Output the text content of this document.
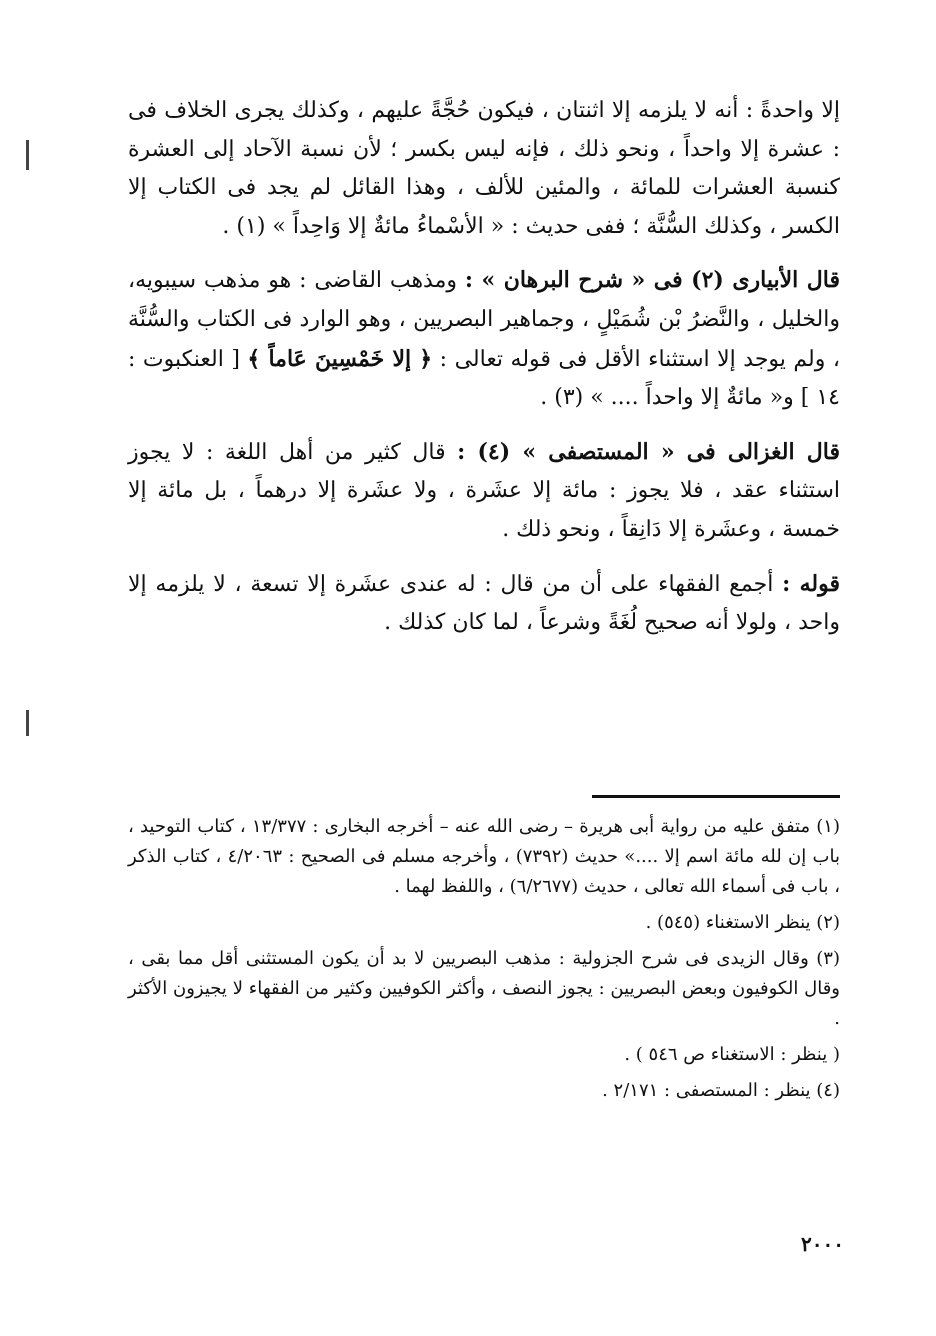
إلا واحدةً : أنه لا يلزمه إلا اثنتان ، فيكون حُجَّةً عليهم ، وكذلك يجرى الخلاف فى : عشرة إلا واحداً ، ونحو ذلك ، فإنه ليس بكسر ؛ لأن نسبة الآحاد إلى العشرة كنسبة العشرات للمائة ، والمئين للألف ، وهذا القائل لم يجد فى الكتاب إلا الكسر ، وكذلك السُّنَّة ؛ ففى حديث : « الأسْماءُ مائةٌ إلا وَاحِداً » (١) .

قال الأبيارى (٢) فى « شرح البرهان » : ومذهب القاضى : هو مذهب سيبويه، والخليل ، والنَّضرُ بْن شُمَيْلٍ ، وجماهير البصريين ، وهو الوارد فى الكتاب والسُّنَّة ، ولم يوجد إلا استثناء الأقل فى قوله تعالى : ﴿ إلا خَمْسِينَ عَاماً ﴾ [ العنكبوت : ١٤ ] و« مائةٌ إلا واحداً .... » (٣) .

قال الغزالى فى « المستصفى » (٤) : قال كثير من أهل اللغة : لا يجوز استثناء عقد ، فلا يجوز : مائة إلا عشَرة ، ولا عشَرة إلا درهماً ، بل مائة إلا خمسة ، وعشَرة إلا دَانِقاً ، ونحو ذلك .

قوله : أجمع الفقهاء على أن من قال : له عندى عشَرة إلا تسعة ، لا يلزمه إلا واحد ، ولولا أنه صحيح لُغَةً وشرعاً ، لما كان كذلك .

(١) متفق عليه من رواية أبى هريرة – رضى الله عنه – أخرجه البخارى : ١٣/٣٧٧ ، كتاب التوحيد ، باب إن لله مائة اسم إلا ....» حديث (٧٣٩٢) ، وأخرجه مسلم فى الصحيح : ٤/٢٠٦٣ ، كتاب الذكر ، باب فى أسماء الله تعالى ، حديث (٦/٢٦٧٧) ، واللفظ لهما .

(٢) ينظر الاستغناء (٥٤٥) .

(٣) وقال الزيدى فى شرح الجزولية : مذهب البصريين لا بد أن يكون المستثنى أقل مما بقى ، وقال الكوفيون وبعض البصريين : يجوز النصف ، وأكثر الكوفيين وكثير من الفقهاء لا يجيزون الأكثر .

( ينظر : الاستغناء ص ٥٤٦ ) .

(٤) ينظر : المستصفى : ٢/١٧١ .

٢٠٠٠
